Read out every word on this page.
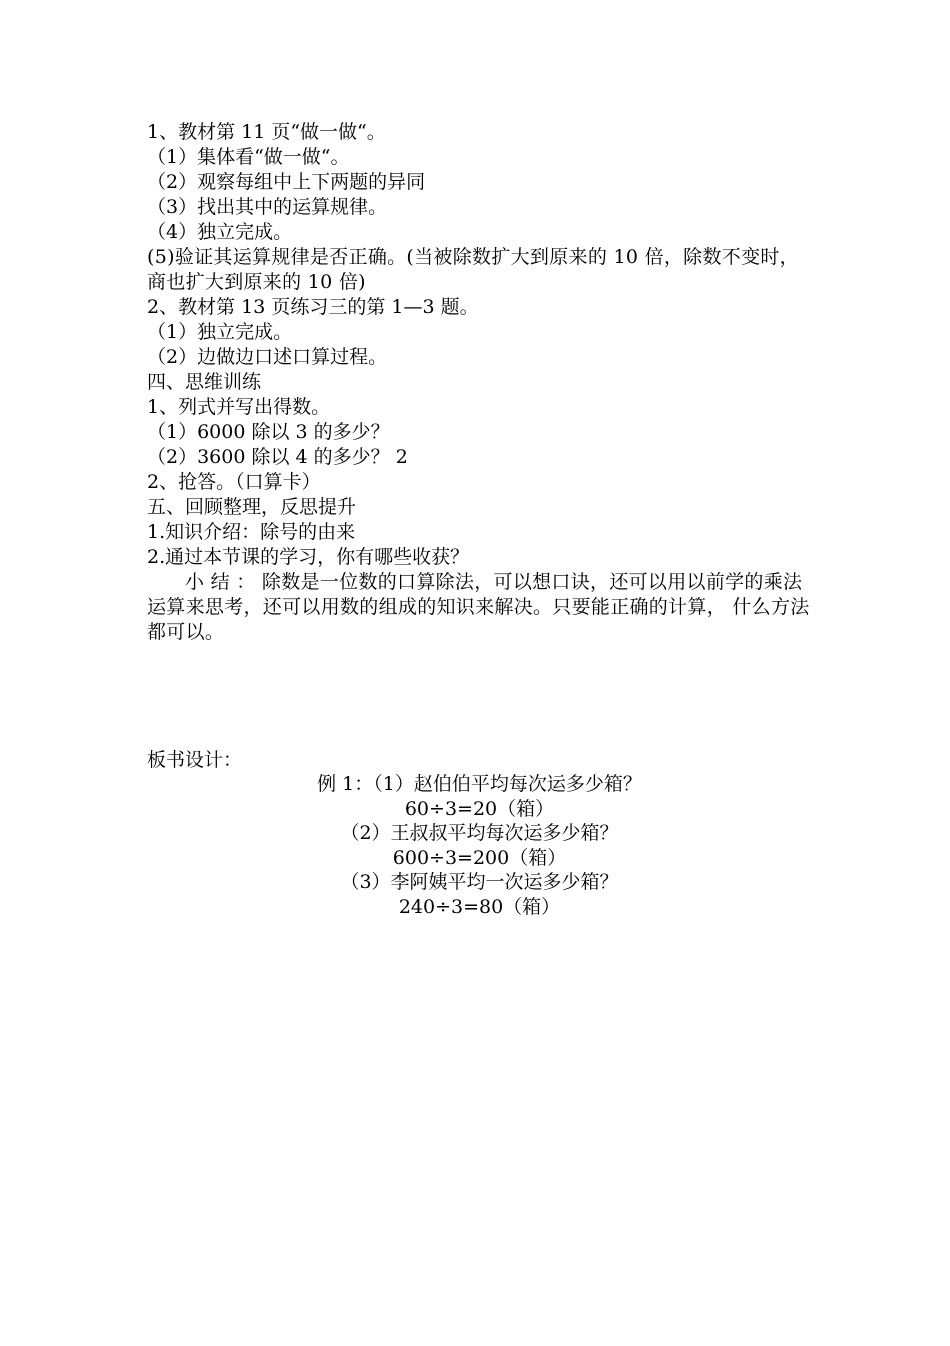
1、教材第 11 页“做一做“。
（1）集体看“做一做“。
（2）观察每组中上下两题的异同
（3）找出其中的运算规律。
（4）独立完成。
(5)验证其运算规律是否正确。(当被除数扩大到原来的 10 倍，除数不变时，商也扩大到原来的 10 倍)
2、教材第 13 页练习三的第 1—3 题。
（1）独立完成。
（2）边做边口述口算过程。
四、思维训练
1、列式并写出得数。
（1）6000 除以 3 的多少？
（2）3600 除以 4 的多少？ 2
2、抢答。（口算卡）
五、回顾整理，反思提升
1.知识介绍：除号的由来
2.通过本节课的学习，你有哪些收获？
小 结 ： 除数是一位数的口算除法，可以想口诀，还可以用以前学的乘法 运算来思考，还可以用数的组成的知识来解决。只要能正确的计算， 什么方法都可以。
板书设计：
例 1：（1）赵伯伯平均每次运多少箱？
60÷3=20（箱）
（2）王叔叔平均每次运多少箱？
600÷3=200（箱）
（3）李阿姨平均一次运多少箱？
240÷3=80（箱）
